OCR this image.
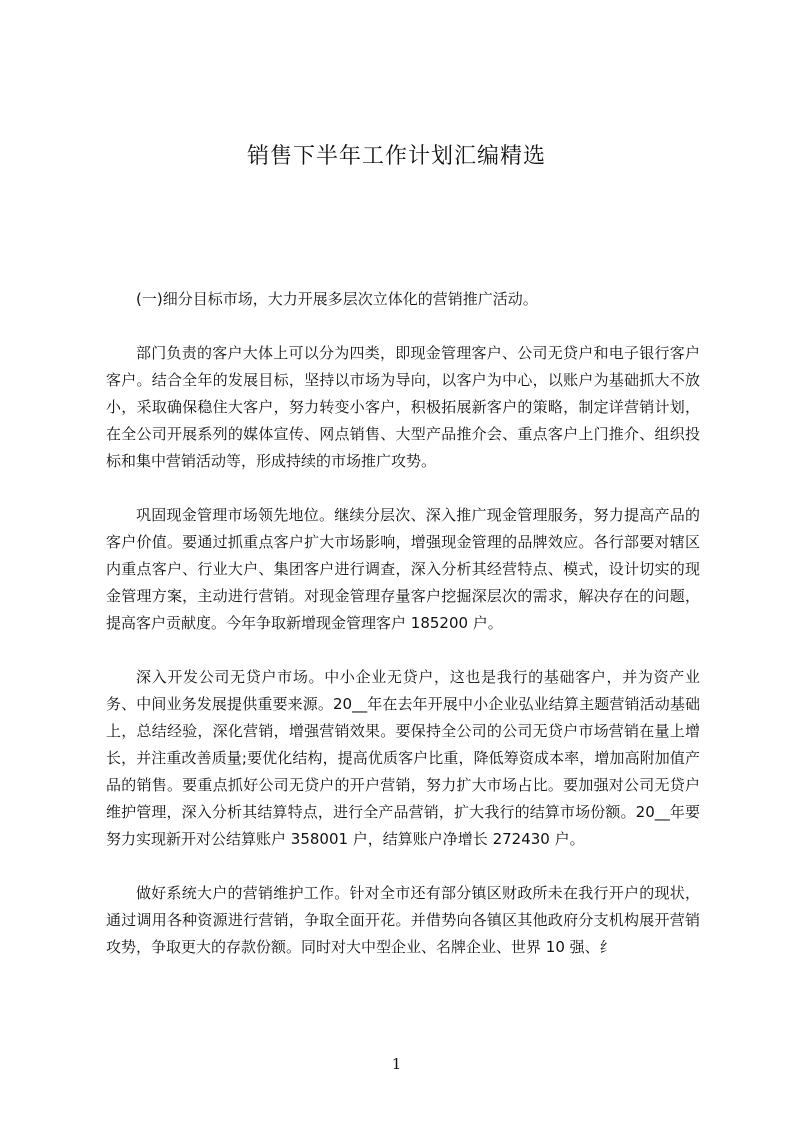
销售下半年工作计划汇编精选

(一)细分目标市场，大力开展多层次立体化的营销推广活动。

部门负责的客户大体上可以分为四类，即现金管理客户、公司无贷户和电子银行客户客户。结合全年的发展目标，坚持以市场为导向，以客户为中心，以账户为基础抓大不放小，采取确保稳住大客户，努力转变小客户，积极拓展新客户的策略，制定详营销计划，在全公司开展系列的媒体宣传、网点销售、大型产品推介会、重点客户上门推介、组织投标和集中营销活动等，形成持续的市场推广攻势。

巩固现金管理市场领先地位。继续分层次、深入推广现金管理服务，努力提高产品的客户价值。要通过抓重点客户扩大市场影响，增强现金管理的品牌效应。各行部要对辖区内重点客户、行业大户、集团客户进行调查，深入分析其经营特点、模式，设计切实的现金管理方案，主动进行营销。对现金管理存量客户挖掘深层次的需求，解决存在的问题，提高客户贡献度。今年争取新增现金管理客户 185200 户。

深入开发公司无贷户市场。中小企业无贷户，这也是我行的基础客户，并为资产业务、中间业务发展提供重要来源。20__年在去年开展中小企业弘业结算主题营销活动基础上，总结经验，深化营销，增强营销效果。要保持全公司的公司无贷户市场营销在量上增长，并注重改善质量;要优化结构，提高优质客户比重，降低筹资成本率，增加高附加值产品的销售。要重点抓好公司无贷户的开户营销，努力扩大市场占比。要加强对公司无贷户维护管理，深入分析其结算特点，进行全产品营销，扩大我行的结算市场份额。20__年要努力实现新开对公结算账户 358001 户，结算账户净增长 272430 户。

做好系统大户的营销维护工作。针对全市还有部分镇区财政所未在我行开户的现状，通过调用各种资源进行营销，争取全面开花。并借势向各镇区其他政府分支机构展开营销攻势，争取更大的存款份额。同时对大中型企业、名牌企业、世界 10 强、纟

1
